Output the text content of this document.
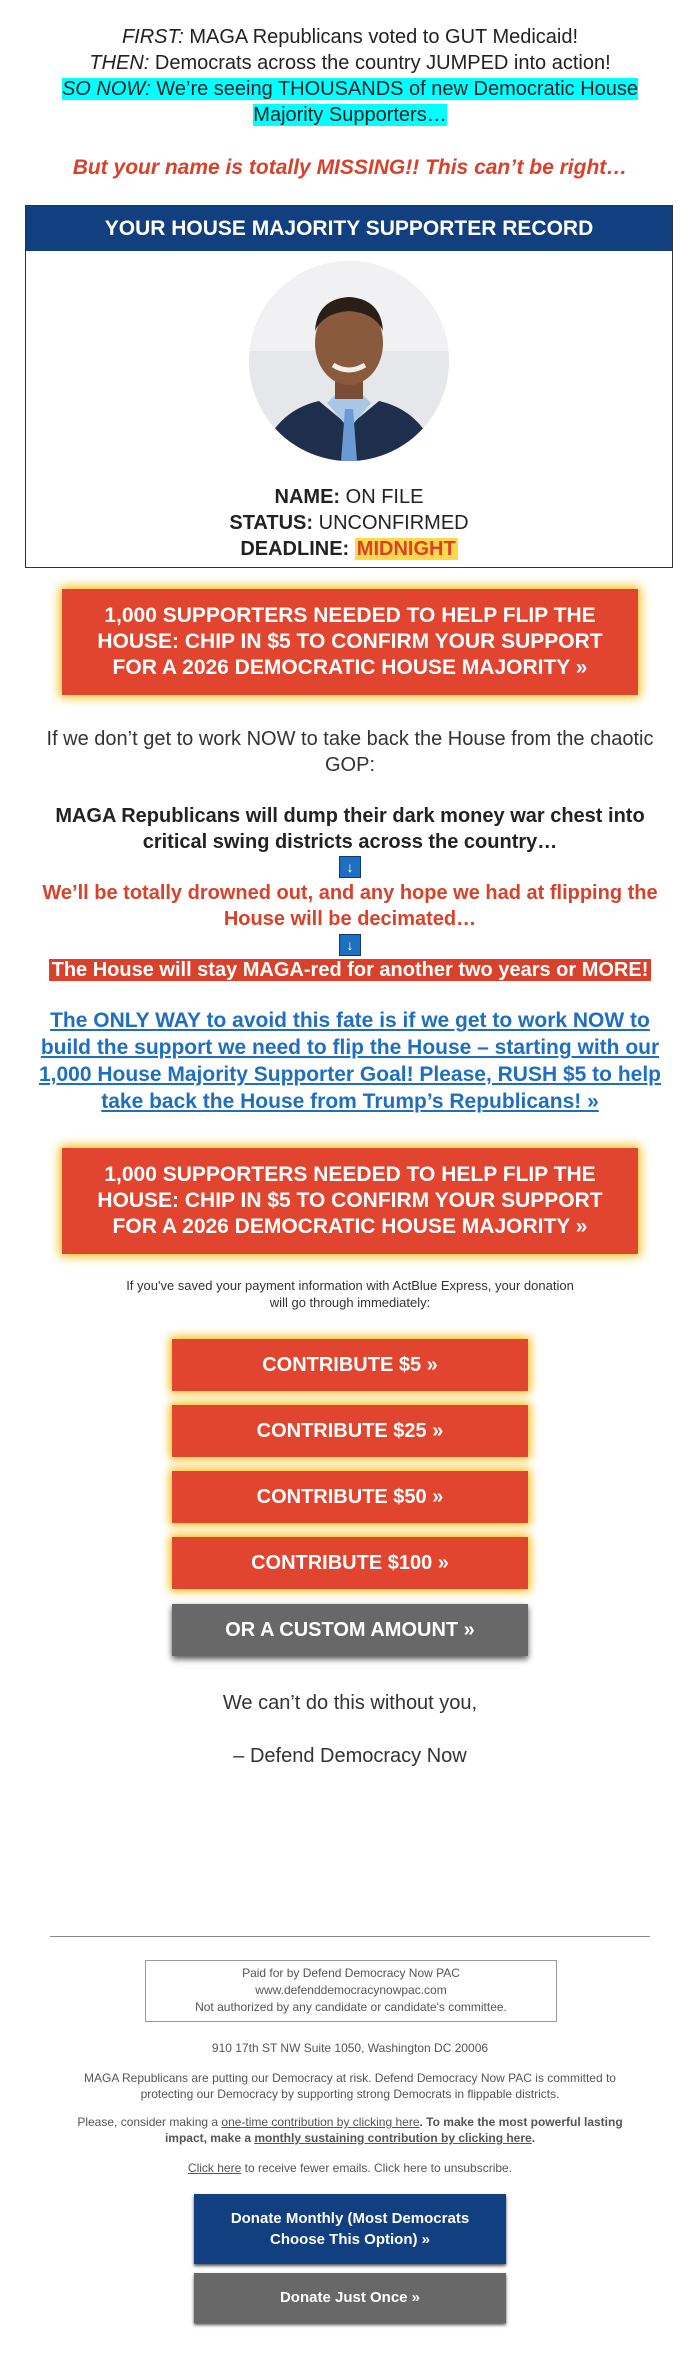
FIRST: MAGA Republicans voted to GUT Medicaid!
THEN: Democrats across the country JUMPED into action!
SO NOW: We’re seeing THOUSANDS of new Democratic House Majority Supporters…
But your name is totally MISSING!! This can’t be right…
YOUR HOUSE MAJORITY SUPPORTER RECORD
NAME: ON FILE
STATUS: UNCONFIRMED
DEADLINE: MIDNIGHT
1,000 SUPPORTERS NEEDED TO HELP FLIP THE HOUSE: CHIP IN $5 TO CONFIRM YOUR SUPPORT FOR A 2026 DEMOCRATIC HOUSE MAJORITY »
If we don’t get to work NOW to take back the House from the chaotic GOP:
MAGA Republicans will dump their dark money war chest into critical swing districts across the country…
↓
We’ll be totally drowned out, and any hope we had at flipping the House will be decimated…
↓
The House will stay MAGA-red for another two years or MORE!
The ONLY WAY to avoid this fate is if we get to work NOW to build the support we need to flip the House – starting with our 1,000 House Majority Supporter Goal! Please, RUSH $5 to help take back the House from Trump’s Republicans! »
1,000 SUPPORTERS NEEDED TO HELP FLIP THE HOUSE: CHIP IN $5 TO CONFIRM YOUR SUPPORT FOR A 2026 DEMOCRATIC HOUSE MAJORITY »
If you've saved your payment information with ActBlue Express, your donation will go through immediately:
CONTRIBUTE $5 »
CONTRIBUTE $25 »
CONTRIBUTE $50 »
CONTRIBUTE $100 »
OR A CUSTOM AMOUNT »
We can’t do this without you,
– Defend Democracy Now
Paid for by Defend Democracy Now PAC
www.defenddemocracynowpac.com
Not authorized by any candidate or candidate's committee.
910 17th ST NW Suite 1050, Washington DC 20006
MAGA Republicans are putting our Democracy at risk. Defend Democracy Now PAC is committed to protecting our Democracy by supporting strong Democrats in flippable districts.
Please, consider making a one-time contribution by clicking here. To make the most powerful lasting impact, make a monthly sustaining contribution by clicking here.
Click here to receive fewer emails. Click here to unsubscribe.
Donate Monthly (Most Democrats Choose This Option) »
Donate Just Once »
